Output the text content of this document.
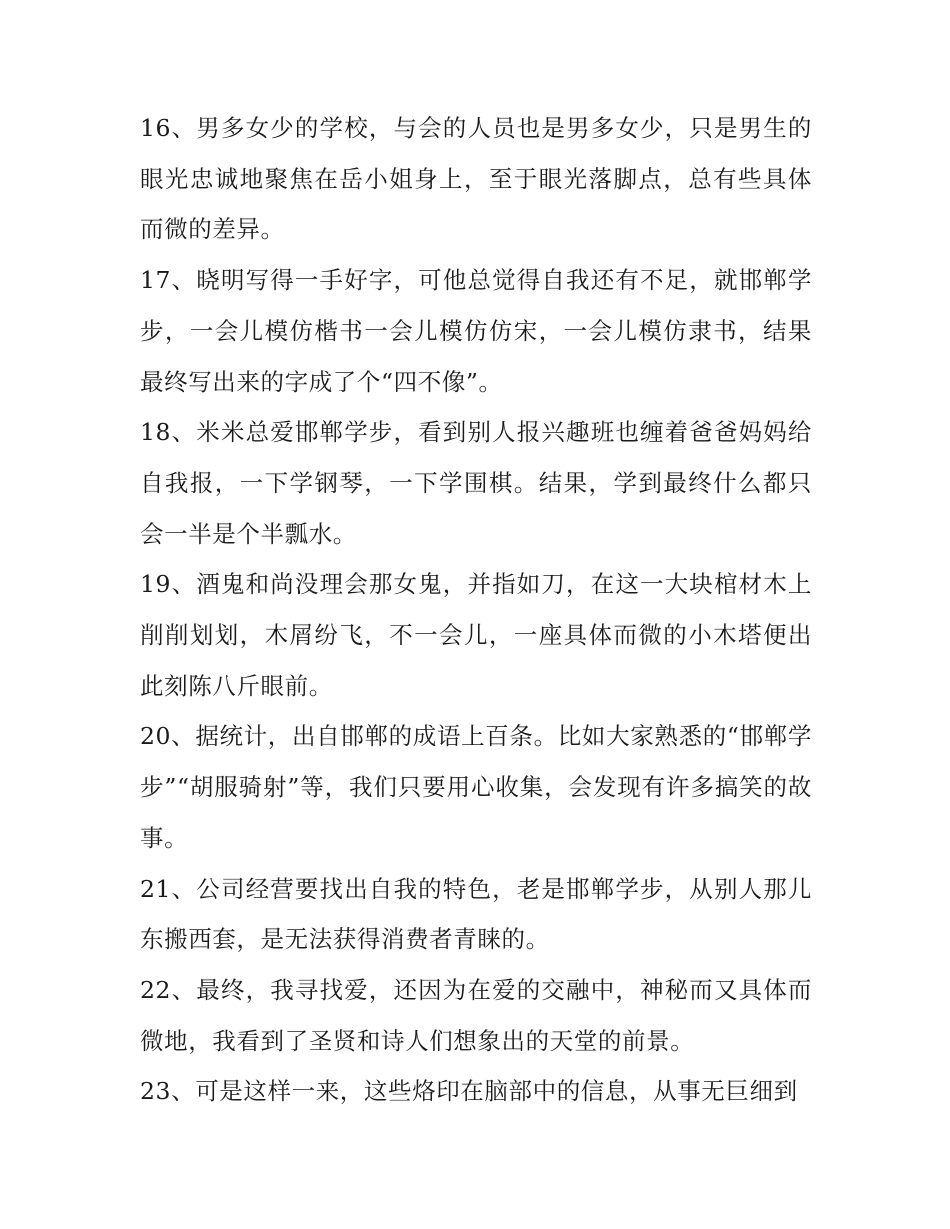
16、男多女少的学校，与会的人员也是男多女少，只是男生的眼光忠诚地聚焦在岳小姐身上，至于眼光落脚点，总有些具体而微的差异。

17、晓明写得一手好字，可他总觉得自我还有不足，就邯郸学步，一会儿模仿楷书一会儿模仿仿宋，一会儿模仿隶书，结果最终写出来的字成了个“四不像”。

18、米米总爱邯郸学步，看到别人报兴趣班也缠着爸爸妈妈给自我报，一下学钢琴，一下学围棋。结果，学到最终什么都只会一半是个半瓢水。

19、酒鬼和尚没理会那女鬼，并指如刀，在这一大块棺材木上削削划划，木屑纷飞，不一会儿，一座具体而微的小木塔便出此刻陈八斤眼前。

20、据统计，出自邯郸的成语上百条。比如大家熟悉的“邯郸学步”“胡服骑射”等，我们只要用心收集，会发现有许多搞笑的故事。

21、公司经营要找出自我的特色，老是邯郸学步，从别人那儿东搬西套，是无法获得消费者青睐的。

22、最终，我寻找爱，还因为在爱的交融中，神秘而又具体而微地，我看到了圣贤和诗人们想象出的天堂的前景。

23、可是这样一来，这些烙印在脑部中的信息，从事无巨细到
